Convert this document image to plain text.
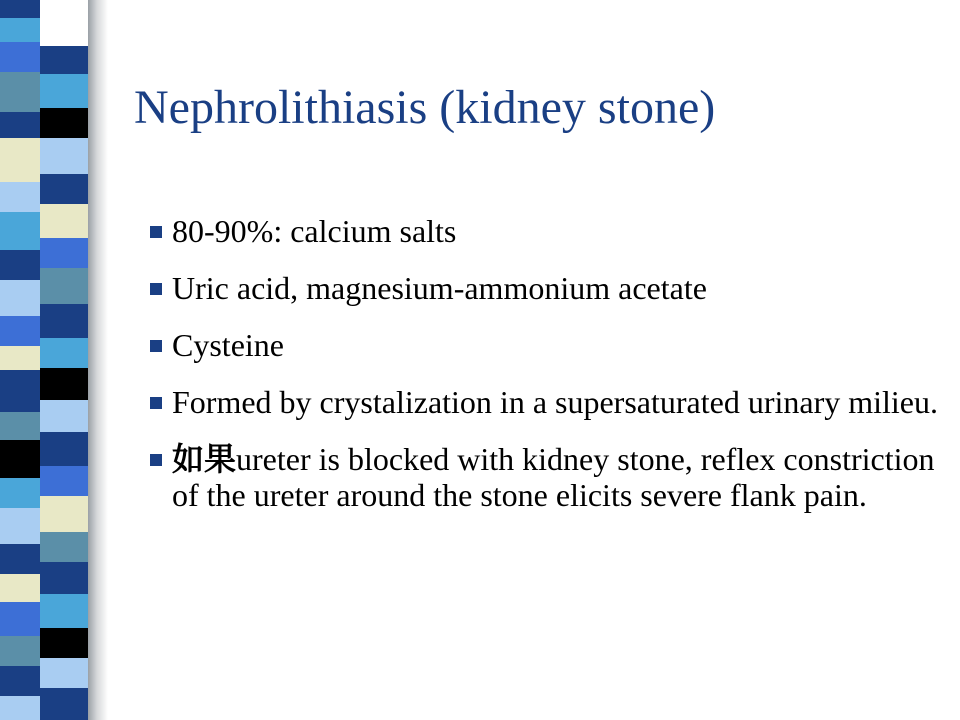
Nephrolithiasis (kidney stone)
80-90%: calcium salts
Uric acid, magnesium-ammonium acetate
Cysteine
Formed by crystalization in a supersaturated urinary milieu.
如果ureter is blocked with kidney stone, reflex constriction of the ureter around the stone elicits severe flank pain.
